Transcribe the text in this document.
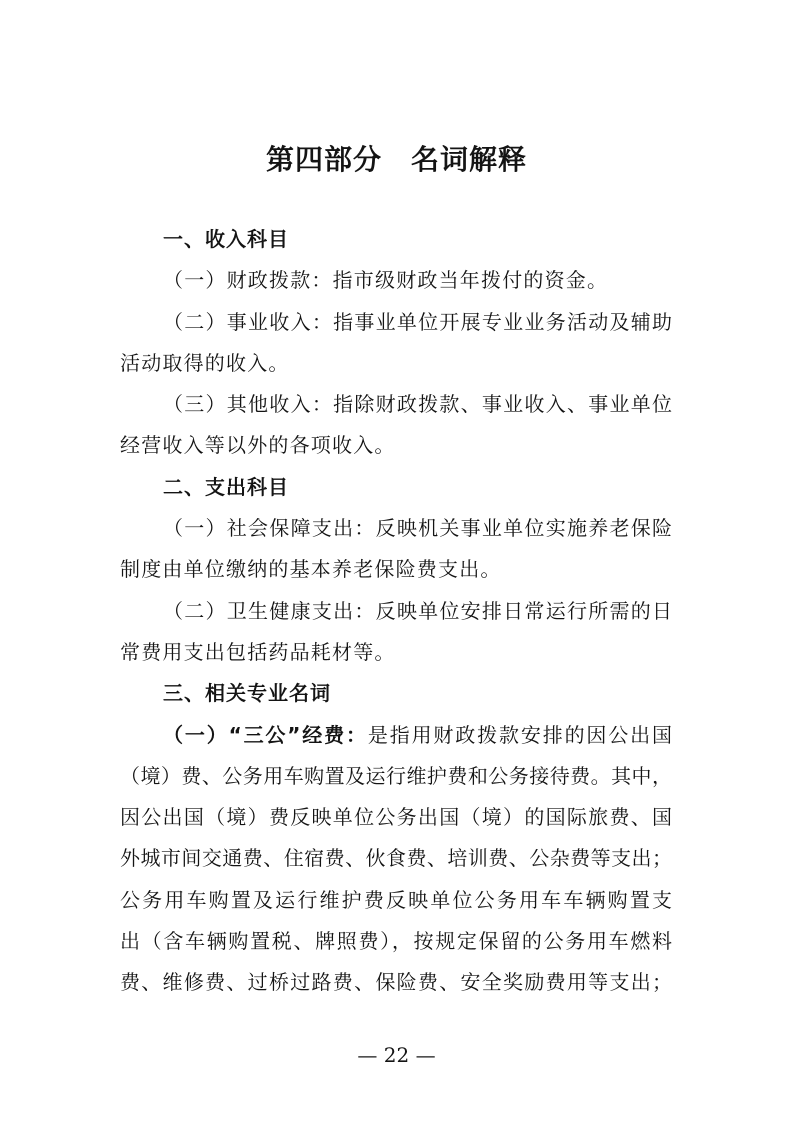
第四部分　名词解释
一、收入科目
（一）财政拨款：指市级财政当年拨付的资金。
（二）事业收入：指事业单位开展专业业务活动及辅助
活动取得的收入。
（三）其他收入：指除财政拨款、事业收入、事业单位
经营收入等以外的各项收入。
二、支出科目
（一）社会保障支出：反映机关事业单位实施养老保险
制度由单位缴纳的基本养老保险费支出。
（二）卫生健康支出：反映单位安排日常运行所需的日
常费用支出包括药品耗材等。
三、相关专业名词
（一）“三公”经费：是指用财政拨款安排的因公出国
（境）费、公务用车购置及运行维护费和公务接待费。其中，
因公出国（境）费反映单位公务出国（境）的国际旅费、国
外城市间交通费、住宿费、伙食费、培训费、公杂费等支出；
公务用车购置及运行维护费反映单位公务用车车辆购置支
出（含车辆购置税、牌照费），按规定保留的公务用车燃料
费、维修费、过桥过路费、保险费、安全奖励费用等支出；
— 22 —
